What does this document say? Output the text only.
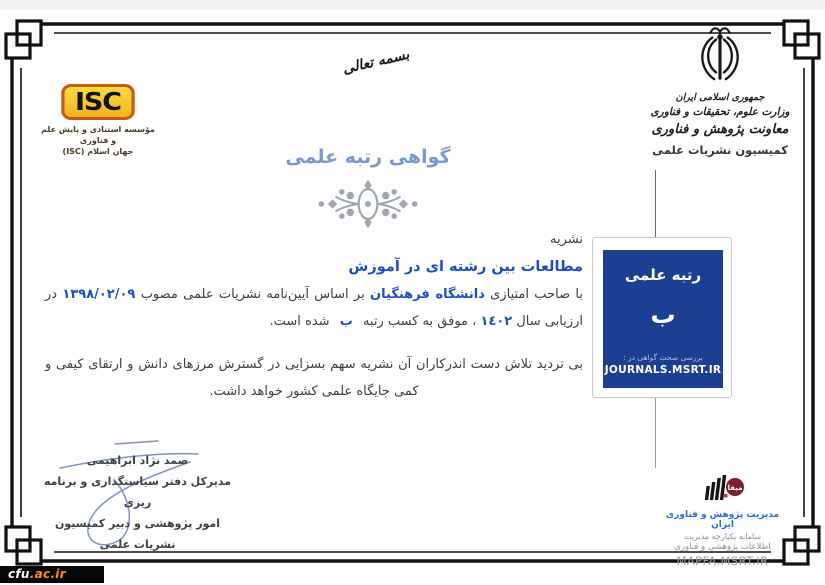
ISC
مؤسسه استنادی و پایش علم و فناوری
جهان اسلام (ISC)
جمهوری اسلامی ایران
وزارت علوم، تحقیقات و فناوری
معاونت پژوهش و فناوری
کمیسیون نشریات علمی
بسمه تعالی
گواهی رتبه علمی
نشریه
مطالعات بین رشته ای در آموزش
با صاحب امتیازی دانشگاه فرهنگیان بر اساس آیین‌نامه نشریات علمی مصوب ١٣٩٨/٠٢/٠٩ در
ارزیابی سال ١٤٠٢ ، موفق به کسب رتبه ب شده است.
بی تردید تلاش دست اندرکاران آن نشریه سهم بسزایی در گسترش مرزهای دانش و ارتقای کیفی و کمی جایگاه علمی کشور خواهد داشت.
رتبه علمی
ب
بررسی صحت گواهی در :
JOURNALS.MSRT.IR
صمد نژاد ابراهیمی
مدیرکل دفتر سیاستگذاری و برنامه ریزی
امور پژوهشی و دبیر کمیسیون
نشریات علمی
مپفا
مدیریت پژوهش و فناوری ایران
سامانه یکپارچه مدیریت
اطلاعات پژوهشی و فناوری
MAPFA.MSRT.IR
cfu.ac.ir
